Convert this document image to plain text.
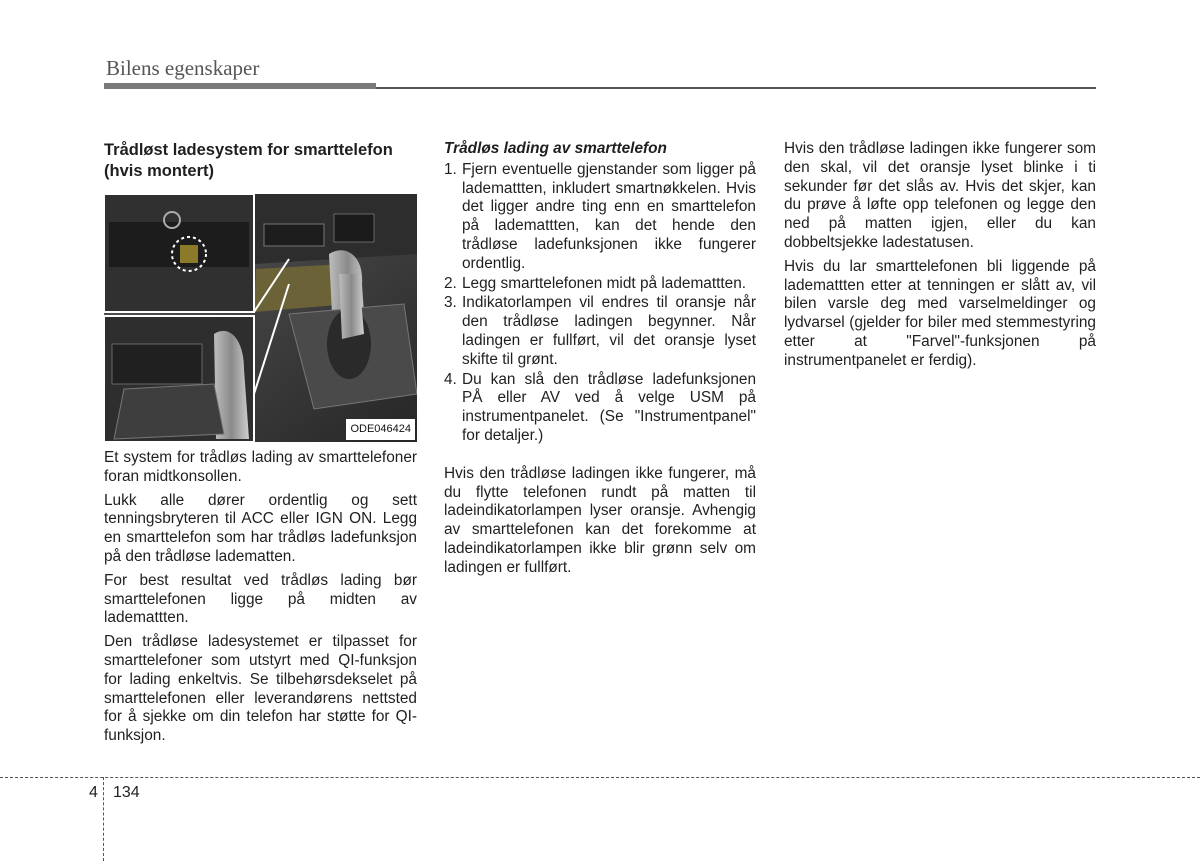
Bilens egenskaper
Trådløst ladesystem for smarttelefon (hvis montert)
ODE046424

Et system for trådløs lading av smarttelefoner foran midtkonsollen.

Lukk alle dører ordentlig og sett tenningsbryteren til ACC eller IGN ON. Legg en smarttelefon som har trådløs ladefunksjon på den trådløse ladematten.

For best resultat ved trådløs lading bør smarttelefonen ligge på midten av lademattten.

Den trådløse ladesystemet er tilpasset for smarttelefoner som utstyrt med QI-funksjon for lading enkeltvis. Se tilbehørsdekselet på smarttelefonen eller leverandørens nettsted for å sjekke om din telefon har støtte for QI-funksjon.

Trådløs lading av smarttelefon
1. Fjern eventuelle gjenstander som ligger på lademattten, inkludert smartnøkkelen. Hvis det ligger andre ting enn en smarttelefon på lademattten, kan det hende den trådløse ladefunksjonen ikke fungerer ordentlig.
2. Legg smarttelefonen midt på lademattten.
3. Indikatorlampen vil endres til oransje når den trådløse ladingen begynner. Når ladingen er fullført, vil det oransje lyset skifte til grønt.
4. Du kan slå den trådløse ladefunksjonen PÅ eller AV ved å velge USM på instrumentpanelet. (Se "Instrumentpanel" for detaljer.)

Hvis den trådløse ladingen ikke fungerer, må du flytte telefonen rundt på matten til ladeindikatorlampen lyser oransje. Avhengig av smarttelefonen kan det forekomme at ladeindikatorlampen ikke blir grønn selv om ladingen er fullført.

Hvis den trådløse ladingen ikke fungerer som den skal, vil det oransje lyset blinke i ti sekunder før det slås av. Hvis det skjer, kan du prøve å løfte opp telefonen og legge den ned på matten igjen, eller du kan dobbeltsjekke ladestatusen.

Hvis du lar smarttelefonen bli liggende på lademattten etter at tenningen er slått av, vil bilen varsle deg med varselmeldinger og lydvarsel (gjelder for biler med stemmestyring etter at "Farvel"-funksjonen på instrumentpanelet er ferdig).

4 134
